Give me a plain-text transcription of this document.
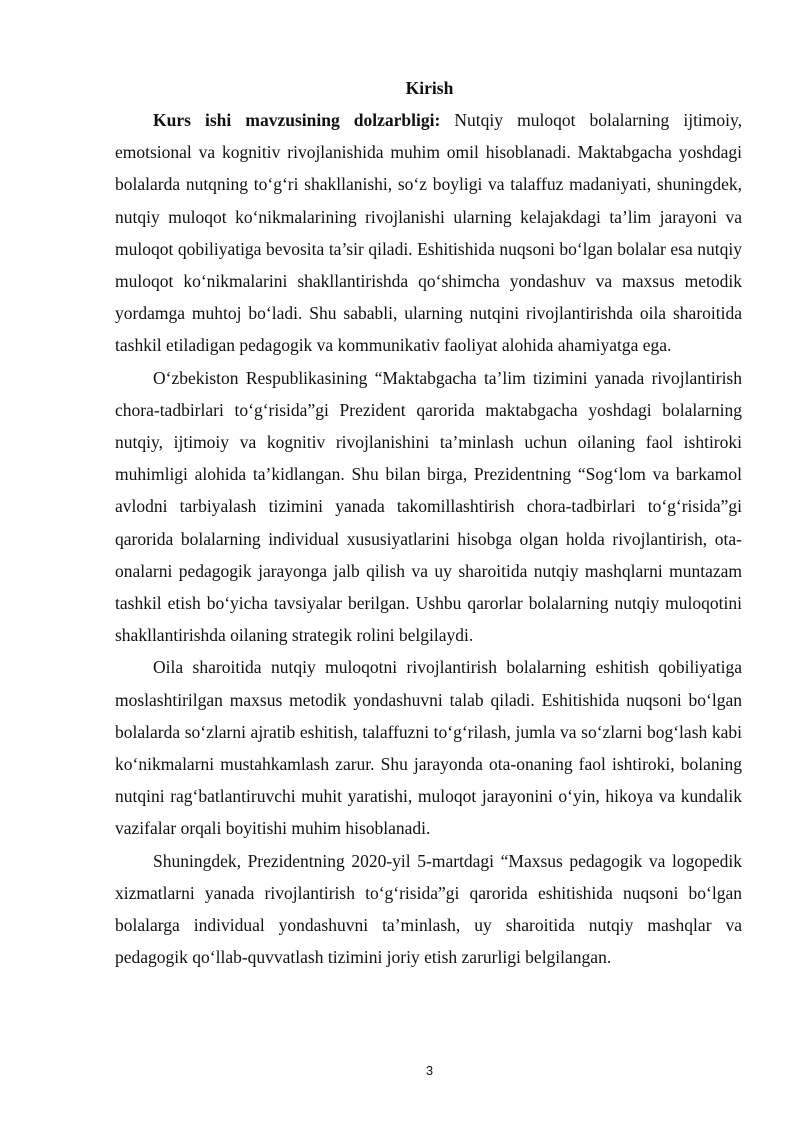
Kirish

Kurs ishi mavzusining dolzarbligi: Nutqiy muloqot bolalarning ijtimoiy, emotsional va kognitiv rivojlanishida muhim omil hisoblanadi. Maktabgacha yoshdagi bolalarda nutqning to‘g‘ri shakllanishi, so‘z boyligi va talaffuz madaniyati, shuningdek, nutqiy muloqot ko‘nikmalarining rivojlanishi ularning kelajakdagi ta’lim jarayoni va muloqot qobiliyatiga bevosita ta’sir qiladi. Eshitishida nuqsoni bo‘lgan bolalar esa nutqiy muloqot ko‘nikmalarini shakllantirishda qo‘shimcha yondashuv va maxsus metodik yordamga muhtoj bo‘ladi. Shu sababli, ularning nutqini rivojlantirishda oila sharoitida tashkil etiladigan pedagogik va kommunikativ faoliyat alohida ahamiyatga ega.

O‘zbekiston Respublikasining “Maktabgacha ta’lim tizimini yanada rivojlantirish chora-tadbirlari to‘g‘risida”gi Prezident qarorida maktabgacha yoshdagi bolalarning nutqiy, ijtimoiy va kognitiv rivojlanishini ta’minlash uchun oilaning faol ishtiroki muhimligi alohida ta’kidlangan. Shu bilan birga, Prezidentning “Sog‘lom va barkamol avlodni tarbiyalash tizimini yanada takomillashtirish chora-tadbirlari to‘g‘risida”gi qarorida bolalarning individual xususiyatlarini hisobga olgan holda rivojlantirish, ota-onalarni pedagogik jarayonga jalb qilish va uy sharoitida nutqiy mashqlarni muntazam tashkil etish bo‘yicha tavsiyalar berilgan. Ushbu qarorlar bolalarning nutqiy muloqotini shakllantirishda oilaning strategik rolini belgilaydi.

Oila sharoitida nutqiy muloqotni rivojlantirish bolalarning eshitish qobiliyatiga moslashtirilgan maxsus metodik yondashuvni talab qiladi. Eshitishida nuqsoni bo‘lgan bolalarda so‘zlarni ajratib eshitish, talaffuzni to‘g‘rilash, jumla va so‘zlarni bog‘lash kabi ko‘nikmalarni mustahkamlash zarur. Shu jarayonda ota-onaning faol ishtiroki, bolaning nutqini rag‘batlantiruvchi muhit yaratishi, muloqot jarayonini o‘yin, hikoya va kundalik vazifalar orqali boyitishi muhim hisoblanadi.

Shuningdek, Prezidentning 2020-yil 5-martdagi “Maxsus pedagogik va logopedik xizmatlarni yanada rivojlantirish to‘g‘risida”gi qarorida eshitishida nuqsoni bo‘lgan bolalarga individual yondashuvni ta’minlash, uy sharoitida nutqiy mashqlar va pedagogik qo‘llab-quvvatlash tizimini joriy etish zarurligi belgilangan.

3
